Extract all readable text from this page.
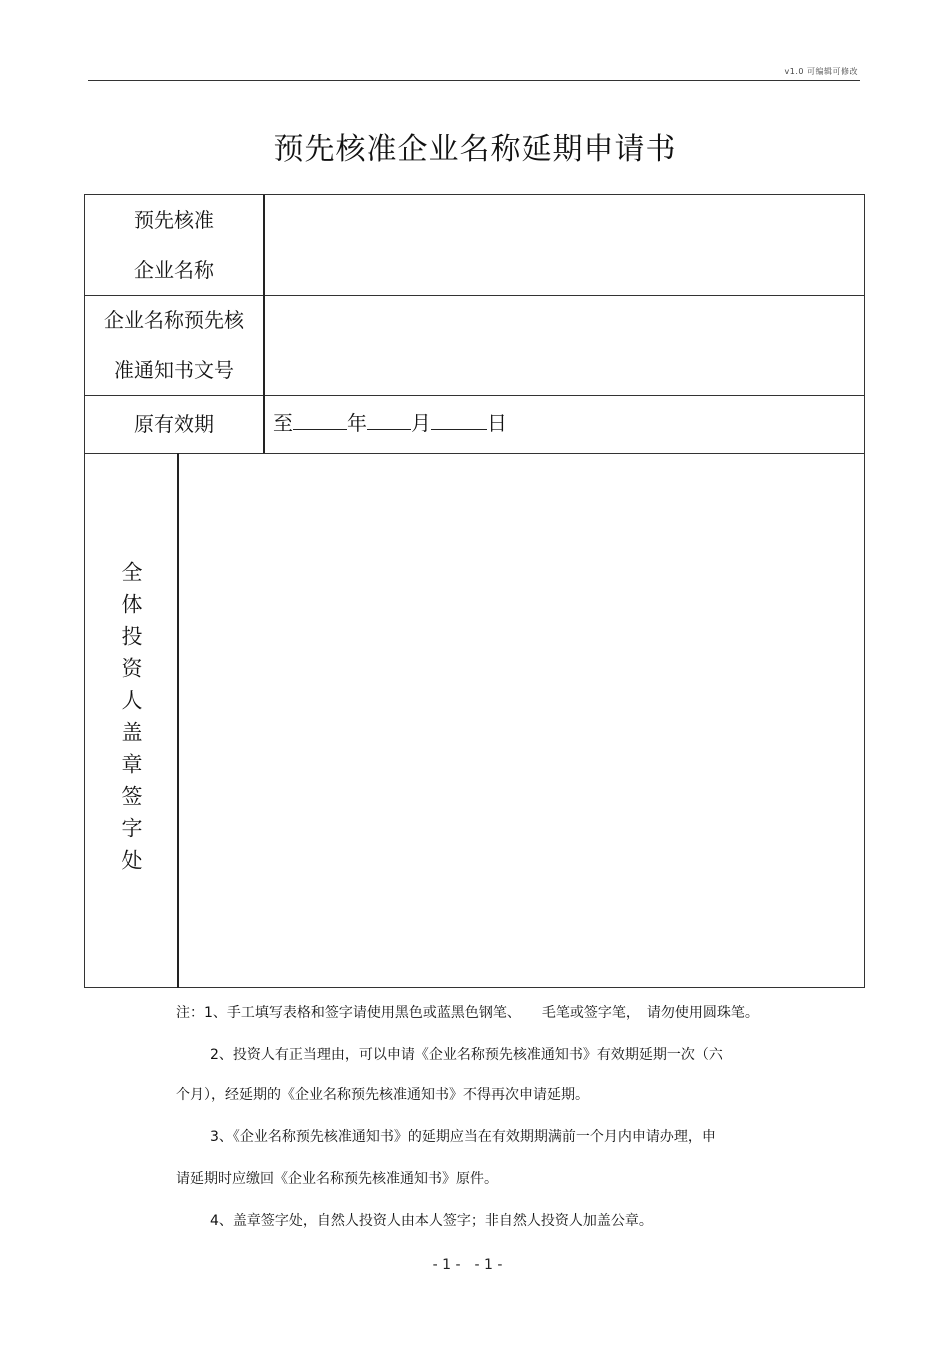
v1.0 可编辑可修改
预先核准企业名称延期申请书
预先核准
企业名称
企业名称预先核
准通知书文号
原有效期	至	年 月	日
全体投资人盖章签字处
注：1、手工填写表格和签字请使用黑色或蓝黑色钢笔、　　毛笔或签字笔，　请勿使用圆珠笔。
2、投资人有正当理由，可以申请《企业名称预先核准通知书》有效期延期一次（六
个月），经延期的《企业名称预先核准通知书》不得再次申请延期。
3、《企业名称预先核准通知书》的延期应当在有效期期满前一个月内申请办理，申
请延期时应缴回《企业名称预先核准通知书》原件。
4、盖章签字处，自然人投资人由本人签字；非自然人投资人加盖公章。
- 1 -　- 1 -
